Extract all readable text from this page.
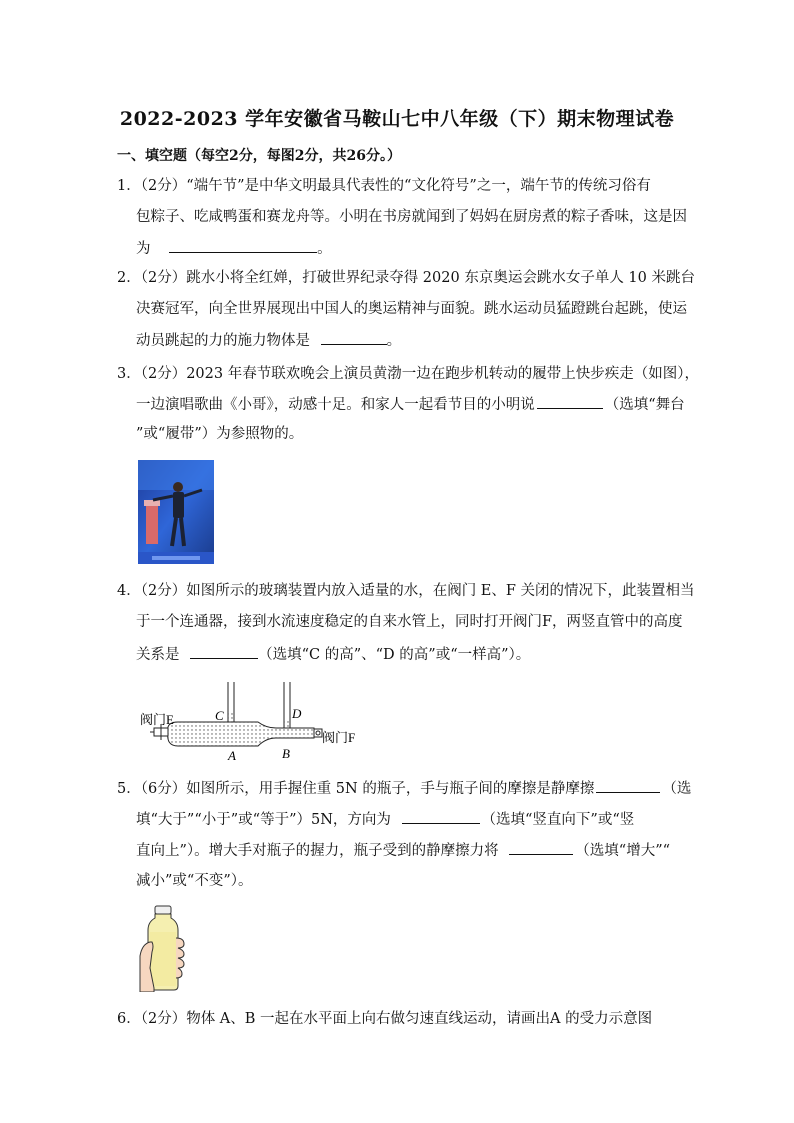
2022-2023 学年安徽省马鞍山七中八年级（下）期末物理试卷
一、填空题（每空2分，每图2分，共26分。）
1．（2分）“端午节”是中华文明最具代表性的“文化符号”之一，端午节的传统习俗有
包粽子、吃咸鸭蛋和赛龙舟等。小明在书房就闻到了妈妈在厨房煮的粽子香味，这是因
为	。
2．（2分）跳水小将全红婵，打破世界纪录夺得 2020 东京奥运会跳水女子单人 10 米跳台
决赛冠军，向全世界展现出中国人的奥运精神与面貌。跳水运动员猛蹬跳台起跳，使运
动员跳起的力的施力物体是	。
3．（2分）2023 年春节联欢晚会上演员黄渤一边在跑步机转动的履带上快步疾走（如图），
一边演唱歌曲《小哥》，动感十足。和家人一起看节目的小明说	（选填“舞台
”或“履带”）为参照物的。
4．（2分）如图所示的玻璃装置内放入适量的水，在阀门 E、F 关闭的情况下，此装置相当
于一个连通器，接到水流速度稳定的自来水管上，同时打开阀门F，两竖直管中的高度
关系是	（选填“C 的高”、“D 的高”或“一样高”）。
阀门E	C	D
A	B
阀门F
5．（6分）如图所示，用手握住重 5N 的瓶子，手与瓶子间的摩擦是静摩擦	（选
填“大于”“小于”或“等于”）5N，方向为	（选填“竖直向下”或“竖
直向上”）。增大手对瓶子的握力，瓶子受到的静摩擦力将	（选填“增大”“
减小”或“不变”）。
6．（2分）物体 A、B 一起在水平面上向右做匀速直线运动，请画出A 的受力示意图
